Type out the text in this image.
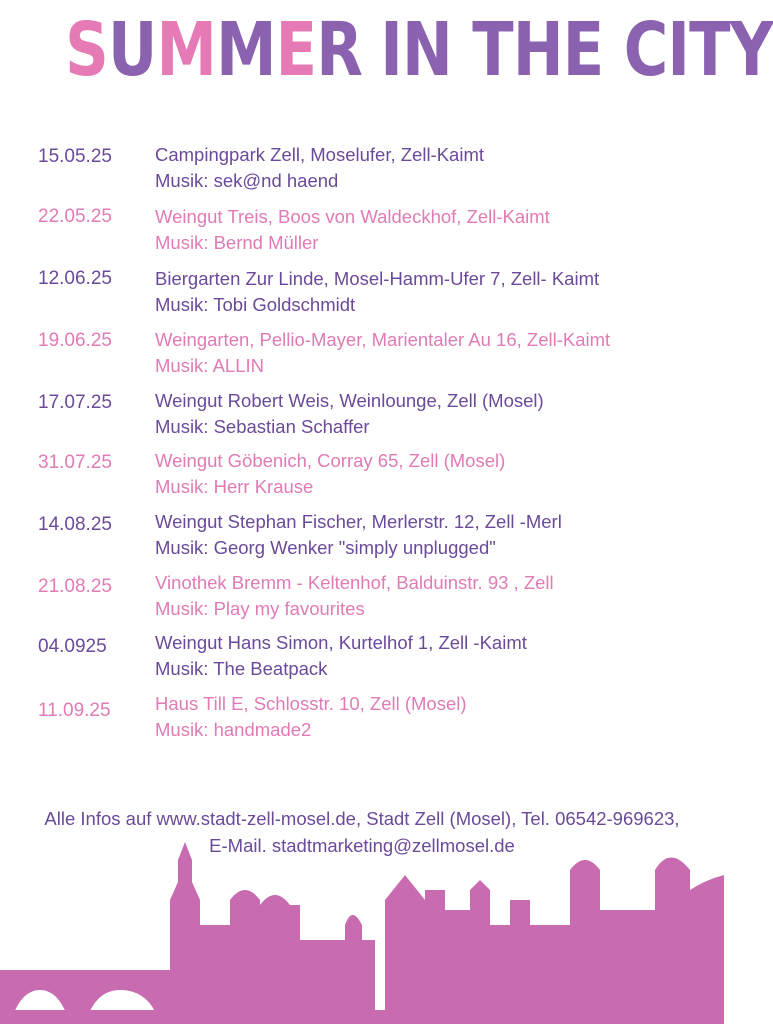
SUMMER IN THE CITY
15.05.25 Campingpark Zell, Moselufer, Zell-Kaimt
Musik: sek@nd haend
22.05.25 Weingut Treis, Boos von Waldeckhof, Zell-Kaimt
Musik: Bernd Müller
12.06.25 Biergarten Zur Linde, Mosel-Hamm-Ufer 7, Zell- Kaimt
Musik: Tobi Goldschmidt
19.06.25 Weingarten, Pellio-Mayer, Marientaler Au 16, Zell-Kaimt
Musik: ALLIN
17.07.25 Weingut Robert Weis, Weinlounge, Zell (Mosel)
Musik: Sebastian Schaffer
31.07.25 Weingut Göbenich, Corray 65, Zell (Mosel)
Musik: Herr Krause
14.08.25 Weingut Stephan Fischer, Merlerstr. 12, Zell -Merl
Musik: Georg Wenker "simply unplugged"
21.08.25 Vinothek Bremm - Keltenhof, Balduinstr. 93 , Zell
Musik: Play my favourites
04.0925	Weingut Hans Simon, Kurtelhof 1, Zell -Kaimt
Musik: The Beatpack
11.09.25 Haus Till E, Schlosstr. 10, Zell (Mosel)
Musik: handmade2
Alle Infos auf www.stadt-zell-mosel.de, Stadt Zell (Mosel), Tel. 06542-969623,
E-Mail. stadtmarketing@zellmosel.de
